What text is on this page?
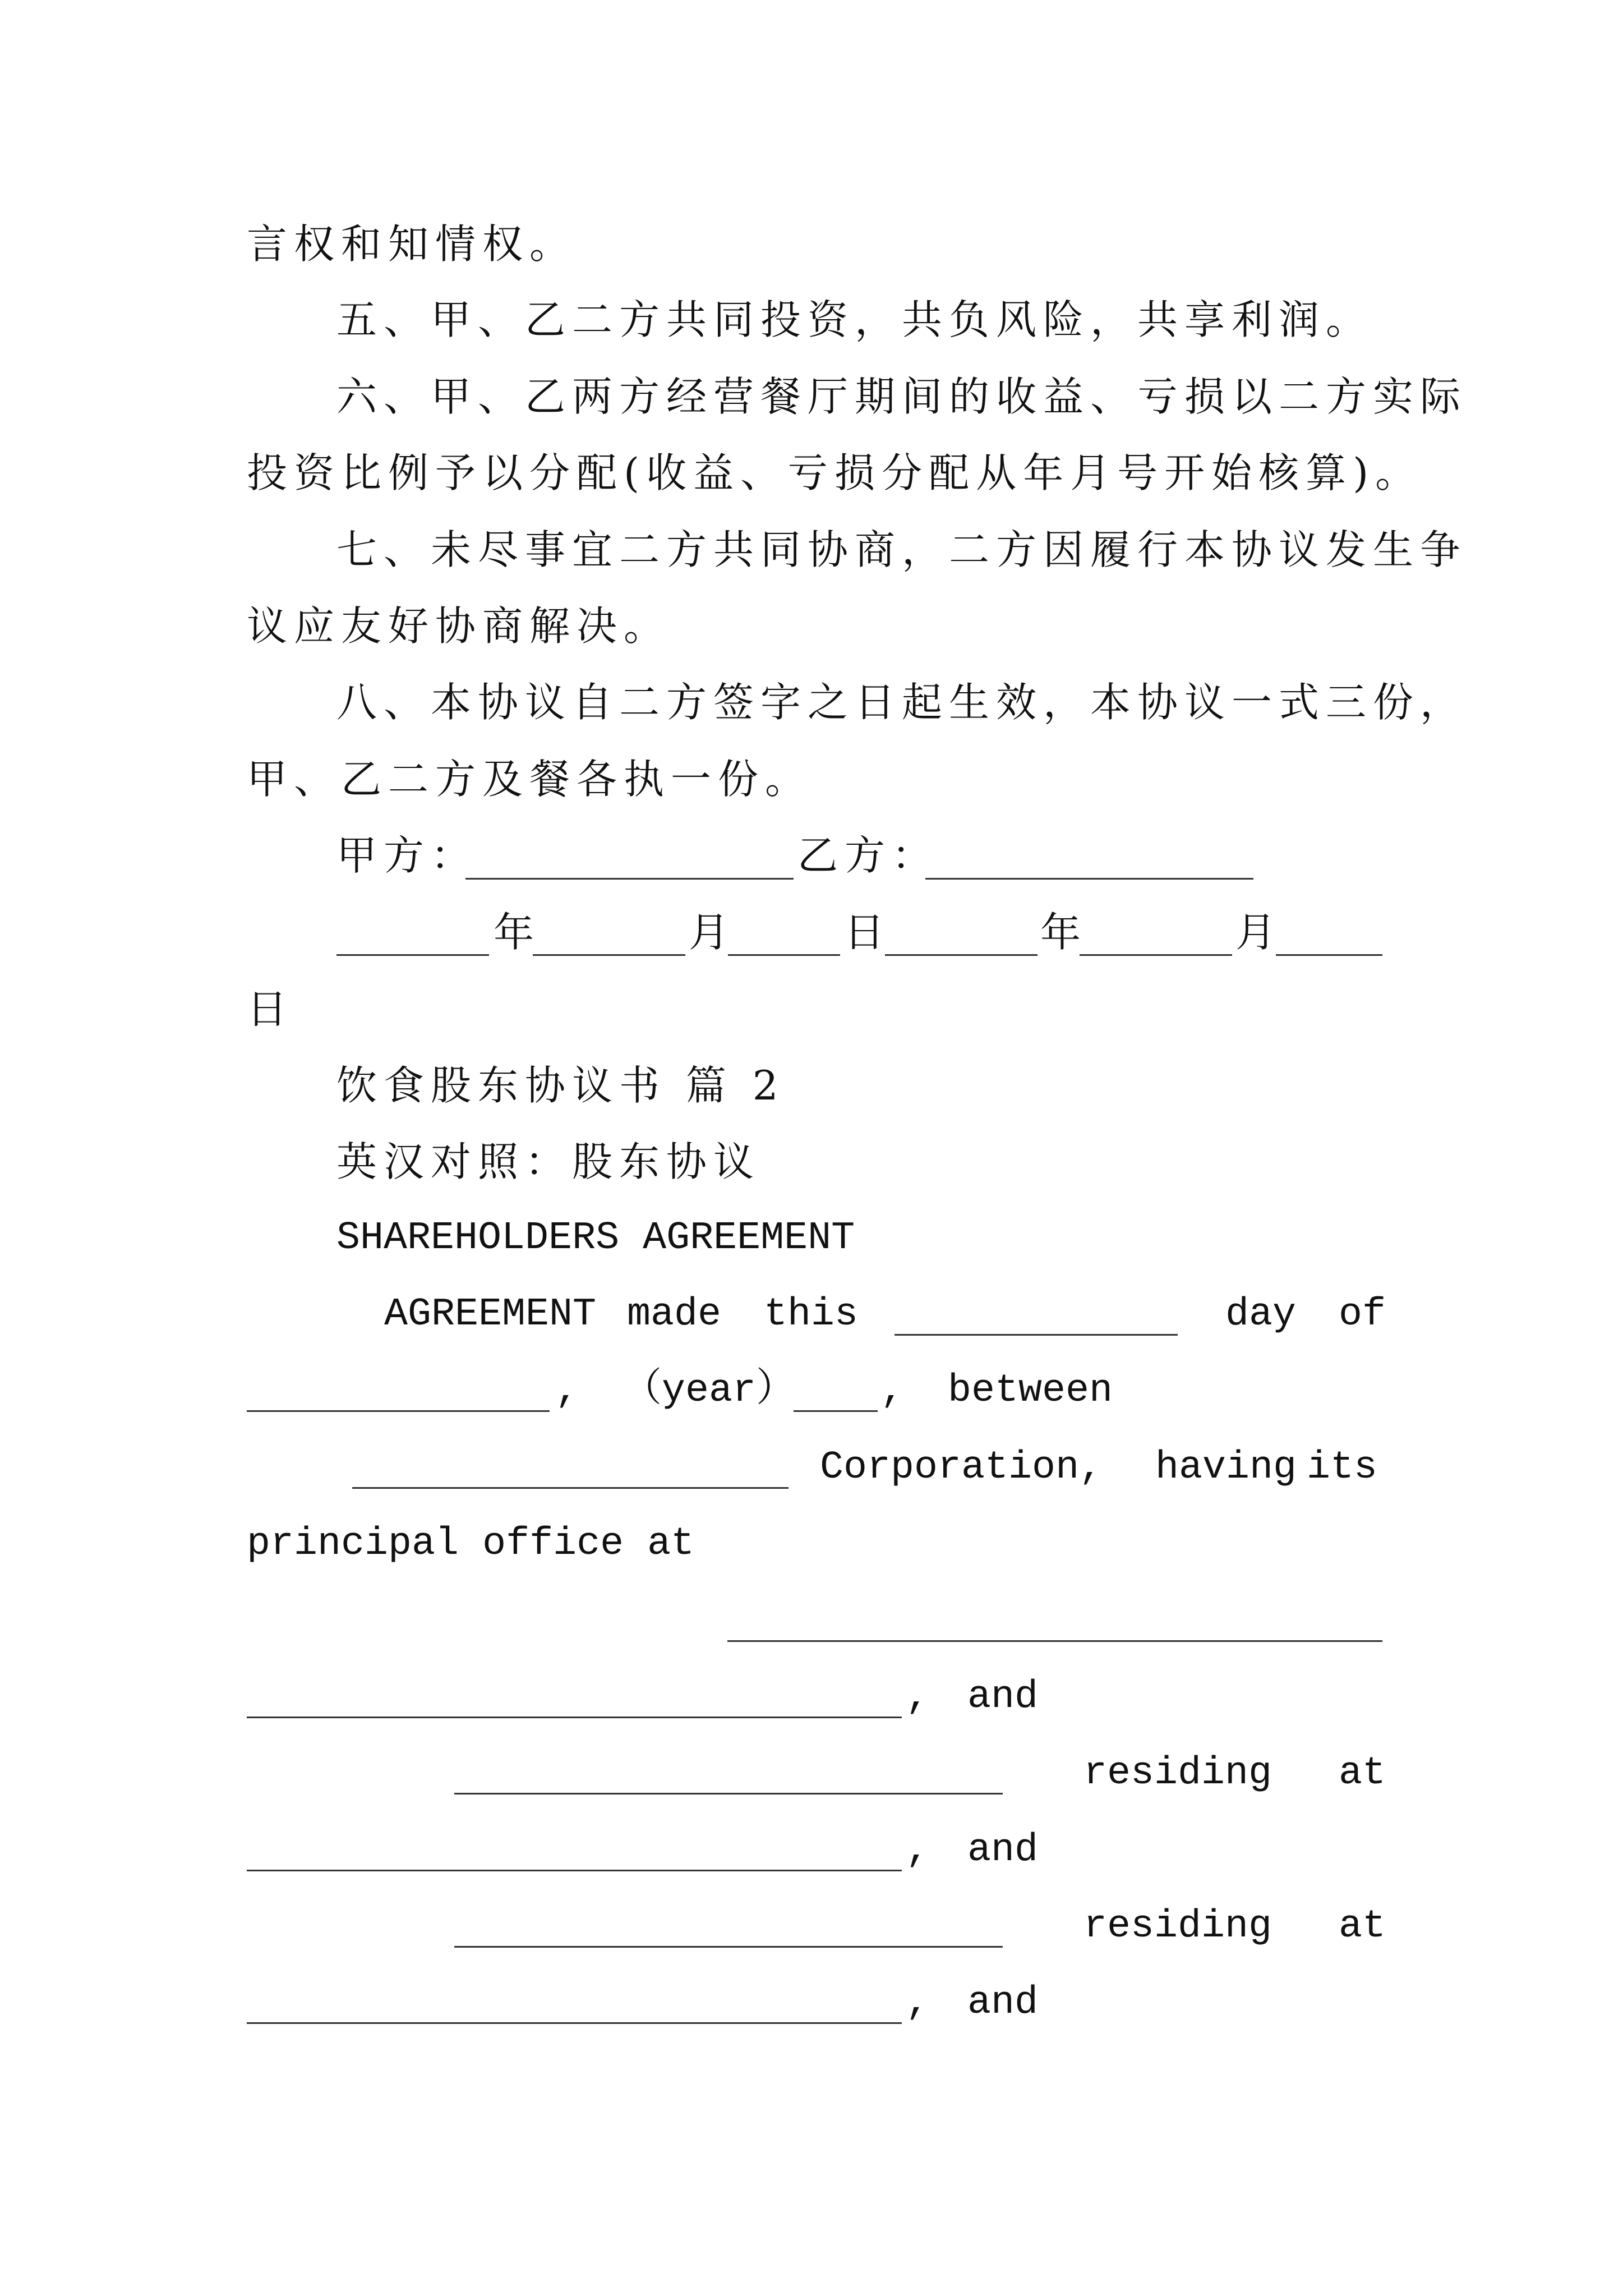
言权和知情权。
五、甲、乙二方共同投资，共负风险，共享利润。
六、甲、乙两方经营餐厅期间的收益、亏损以二方实际
投资比例予以分配(收益、亏损分配从年月号开始核算)。
七、未尽事宜二方共同协商，二方因履行本协议发生争
议应友好协商解决。
八、本协议自二方签字之日起生效，本协议一式三份，
甲、乙二方及餐各执一份。
甲方：	乙方：
年	月	日	年	月
日
饮食股东协议书 篇 2
英汉对照：股东协议
SHAREHOLDERS AGREEMENT
AGREEMENT made this	day of
, （year） , between
Corporation, having its
principal office at
, and
residing at
, and
residing at
, and
